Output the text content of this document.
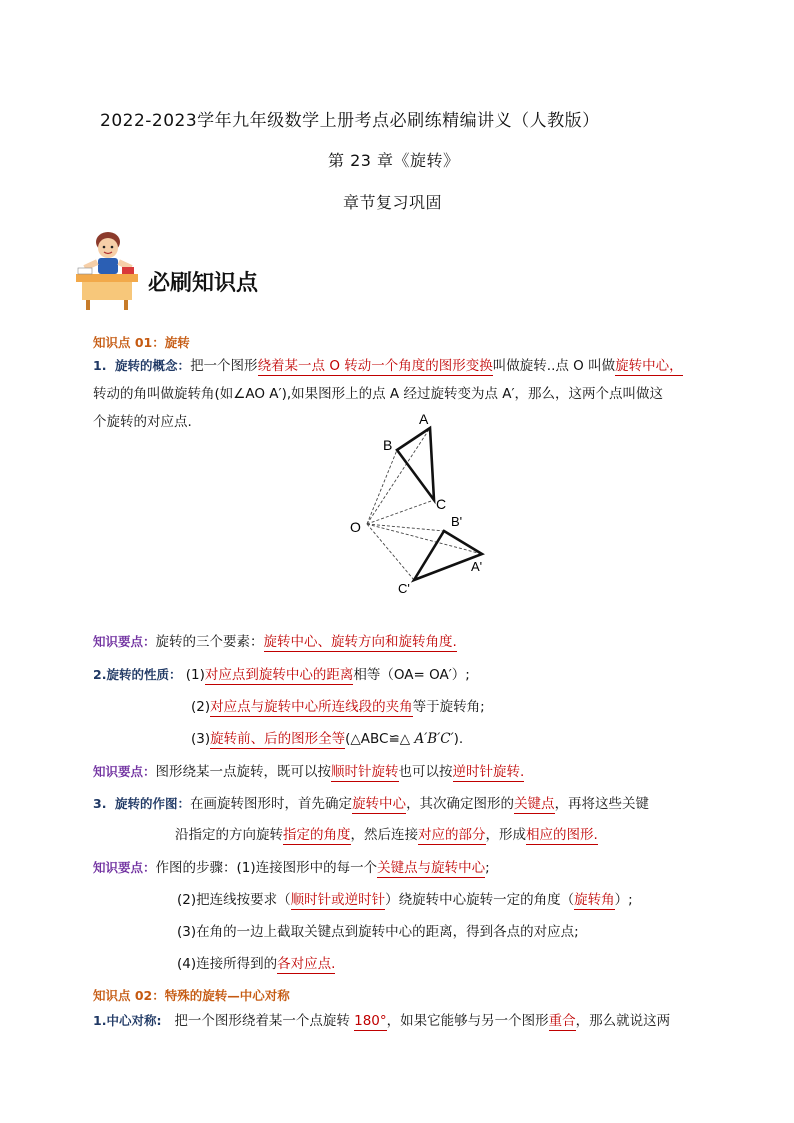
2022-2023学年九年级数学上册考点必刷练精编讲义（人教版）
第 23 章《旋转》
章节复习巩固
必刷知识点
知识点 01：旋转
1. 旋转的概念：把一个图形绕着某一点 O 转动一个角度的图形变换叫做旋转..点 O 叫做旋转中心，
转动的角叫做旋转角(如∠AO A′),如果图形上的点 A 经过旋转变为点 A′，那么，这两个点叫做这
个旋转的对应点.	A
B
C
O	B'
A'
C'
知识要点：旋转的三个要素：旋转中心、旋转方向和旋转角度.
2.旋转的性质： (1)对应点到旋转中心的距离相等（OA= OA′）;
(2)对应点与旋转中心所连线段的夹角等于旋转角;
(3)旋转前、后的图形全等(△ABC≌△ A′B′C′).
知识要点：图形绕某一点旋转，既可以按顺时针旋转也可以按逆时针旋转.
3. 旋转的作图：在画旋转图形时，首先确定旋转中心，其次确定图形的关键点，再将这些关键
沿指定的方向旋转指定的角度，然后连接对应的部分，形成相应的图形.
知识要点：作图的步骤：(1)连接图形中的每一个关键点与旋转中心;
(2)把连线按要求（顺时针或逆时针）绕旋转中心旋转一定的角度（旋转角）;
(3)在角的一边上截取关键点到旋转中心的距离，得到各点的对应点;
(4)连接所得到的各对应点.
知识点 02：特殊的旋转—中心对称
1.中心对称: 把一个图形绕着某一个点旋转 180°，如果它能够与另一个图形重合，那么就说这两
